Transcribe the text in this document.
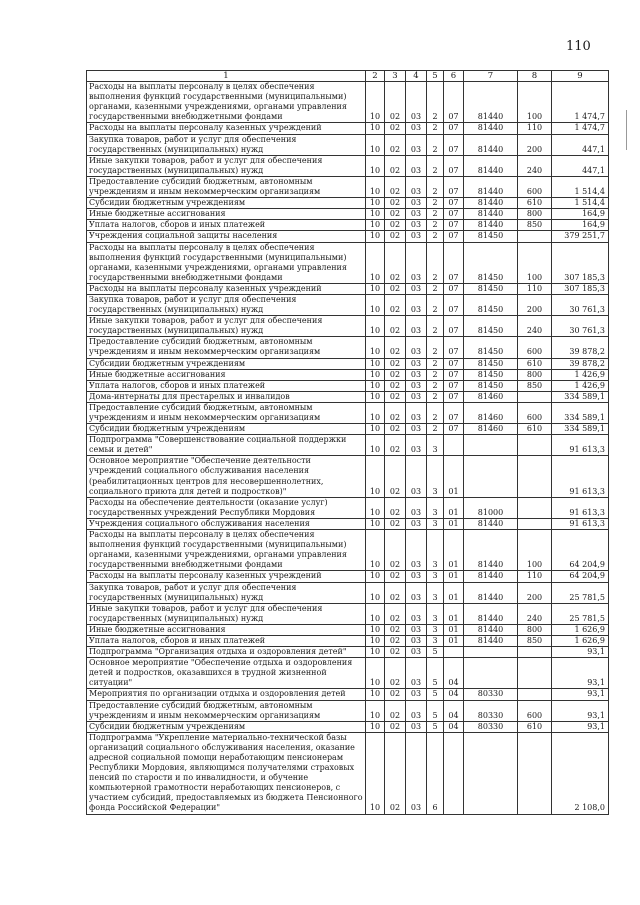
110
1	2	3	4	5	6	7	8	9
Расходы на выплаты персоналу в целях обеспечения выполнения функций государственными (муниципальными) органами, казенными учреждениями, органами управления государственными внебюджетными фондами	10	02	03	2	07	81440	100	1 474,7
Расходы на выплаты персоналу казенных учреждений	10	02	03	2	07	81440	110	1 474,7
Закупка товаров, работ и услуг для обеспечения государственных (муниципальных) нужд	10	02	03	2	07	81440	200	447,1
Иные закупки товаров, работ и услуг для обеспечения государственных (муниципальных) нужд	10	02	03	2	07	81440	240	447,1
Предоставление субсидий бюджетным, автономным учреждениям и иным некоммерческим организациям	10	02	03	2	07	81440	600	1 514,4
Субсидии бюджетным учреждениям	10	02	03	2	07	81440	610	1 514,4
Иные бюджетные ассигнования	10	02	03	2	07	81440	800	164,9
Уплата налогов, сборов и иных платежей	10	02	03	2	07	81440	850	164,9
Учреждения социальной защиты населения	10	02	03	2	07	81450		379 251,7
Расходы на выплаты персоналу в целях обеспечения выполнения функций государственными (муниципальными) органами, казенными учреждениями, органами управления государственными внебюджетными фондами	10	02	03	2	07	81450	100	307 185,3
Расходы на выплаты персоналу казенных учреждений	10	02	03	2	07	81450	110	307 185,3
Закупка товаров, работ и услуг для обеспечения государственных (муниципальных) нужд	10	02	03	2	07	81450	200	30 761,3
Иные закупки товаров, работ и услуг для обеспечения государственных (муниципальных) нужд	10	02	03	2	07	81450	240	30 761,3
Предоставление субсидий бюджетным, автономным учреждениям и иным некоммерческим организациям	10	02	03	2	07	81450	600	39 878,2
Субсидии бюджетным учреждениям	10	02	03	2	07	81450	610	39 878,2
Иные бюджетные ассигнования	10	02	03	2	07	81450	800	1 426,9
Уплата налогов, сборов и иных платежей	10	02	03	2	07	81450	850	1 426,9
Дома-интернаты для престарелых и инвалидов	10	02	03	2	07	81460		334 589,1
Предоставление субсидий бюджетным, автономным учреждениям и иным некоммерческим организациям	10	02	03	2	07	81460	600	334 589,1
Субсидии бюджетным учреждениям	10	02	03	2	07	81460	610	334 589,1
Подпрограмма "Совершенствование социальной поддержки семьи и детей"	10	02	03	3				91 613,3
Основное мероприятие "Обеспечение деятельности учреждений социального обслуживания населения (реабилитационных центров для несовершеннолетних, социального приюта для детей и подростков)"	10	02	03	3	01			91 613,3
Расходы на обеспечение деятельности (оказание услуг) государственных учреждений Республики Мордовия	10	02	03	3	01	81000		91 613,3
Учреждения социального обслуживания населения	10	02	03	3	01	81440		91 613,3
Расходы на выплаты персоналу в целях обеспечения выполнения функций государственными (муниципальными) органами, казенными учреждениями, органами управления государственными внебюджетными фондами	10	02	03	3	01	81440	100	64 204,9
Расходы на выплаты персоналу казенных учреждений	10	02	03	3	01	81440	110	64 204,9
Закупка товаров, работ и услуг для обеспечения государственных (муниципальных) нужд	10	02	03	3	01	81440	200	25 781,5
Иные закупки товаров, работ и услуг для обеспечения государственных (муниципальных) нужд	10	02	03	3	01	81440	240	25 781,5
Иные бюджетные ассигнования	10	02	03	3	01	81440	800	1 626,9
Уплата налогов, сборов и иных платежей	10	02	03	3	01	81440	850	1 626,9
Подпрограмма "Организация отдыха и оздоровления детей"	10	02	03	5				93,1
Основное мероприятие "Обеспечение отдыха и оздоровления детей и подростков, оказавшихся в трудной жизненной ситуации"	10	02	03	5	04			93,1
Мероприятия по организации отдыха и оздоровления детей	10	02	03	5	04	80330		93,1
Предоставление субсидий бюджетным, автономным учреждениям и иным некоммерческим организациям	10	02	03	5	04	80330	600	93,1
Субсидии бюджетным учреждениям	10	02	03	5	04	80330	610	93,1
Подпрограмма "Укрепление материально-технической базы организаций социального обслуживания населения, оказание адресной социальной помощи неработающим пенсионерам Республики Мордовия, являющимся получателями страховых пенсий по старости и по инвалидности, и обучение компьютерной грамотности неработающих пенсионеров, с участием субсидий, предоставляемых из бюджета Пенсионного фонда Российской Федерации"	10	02	03	6				2 108,0
